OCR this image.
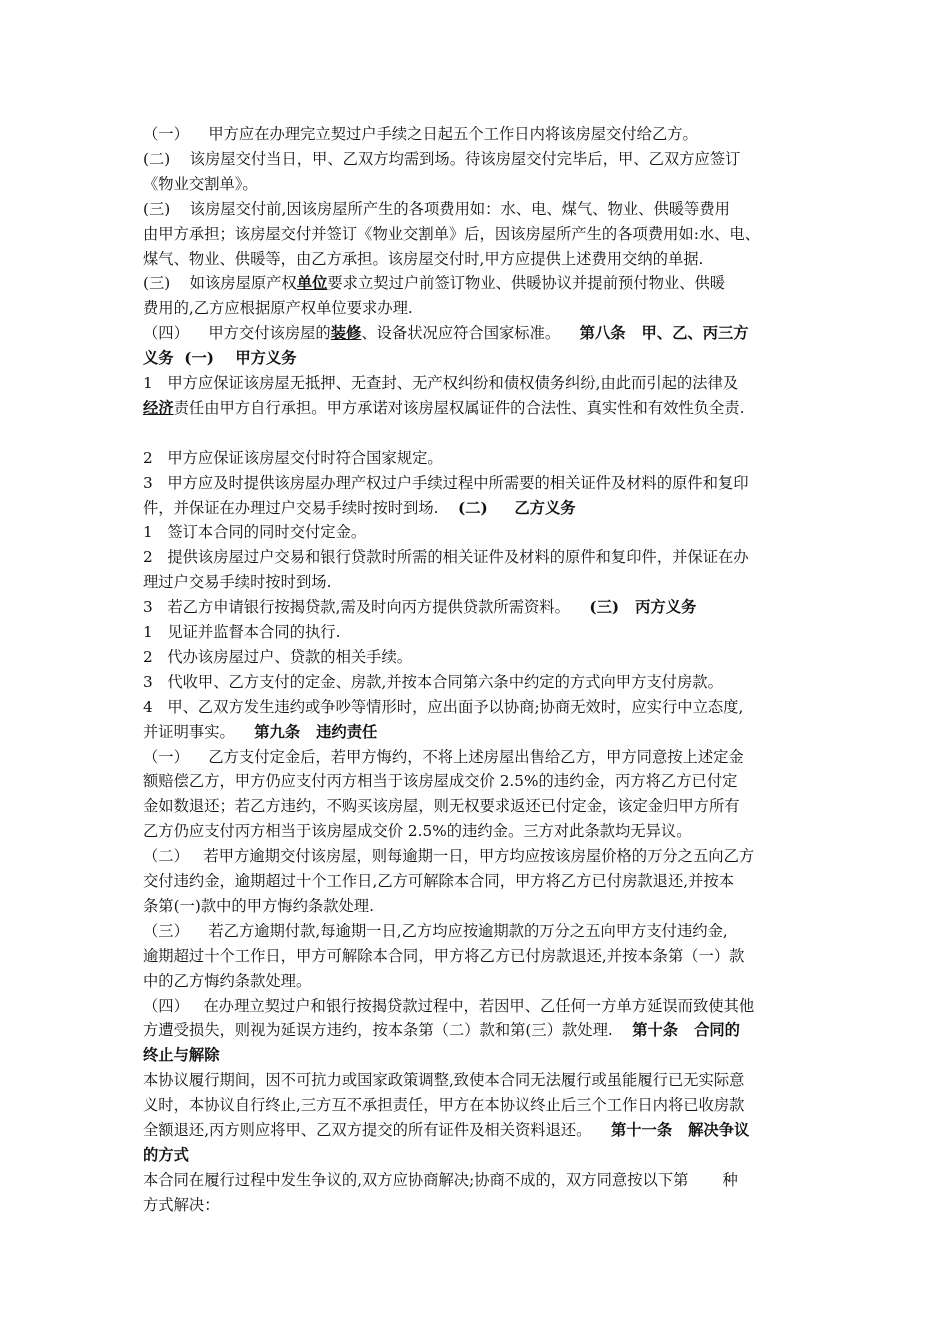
（一）    甲方应在办理完立契过户手续之日起五个工作日内将该房屋交付给乙方。
(二)    该房屋交付当日，甲、乙双方均需到场。待该房屋交付完毕后，甲、乙双方应签订
《物业交割单》。
(三)    该房屋交付前,因该房屋所产生的各项费用如：水、电、煤气、物业、供暖等费用
由甲方承担；该房屋交付并签订《物业交割单》后，因该房屋所产生的各项费用如:水、电、
煤气、物业、供暖等，由乙方承担。该房屋交付时,甲方应提供上述费用交纳的单据.
(三)    如该房屋原产权单位要求立契过户前签订物业、供暖协议并提前预付物业、供暖
费用的,乙方应根据原产权单位要求办理.
（四）    甲方交付该房屋的装修、设备状况应符合国家标准。    第八条   甲、乙、丙三方
义务  (一)    甲方义务
1   甲方应保证该房屋无抵押、无查封、无产权纠纷和债权债务纠纷,由此而引起的法律及
经济责任由甲方自行承担。甲方承诺对该房屋权属证件的合法性、真实性和有效性负全责.
2   甲方应保证该房屋交付时符合国家规定。
3   甲方应及时提供该房屋办理产权过户手续过程中所需要的相关证件及材料的原件和复印
件，并保证在办理过户交易手续时按时到场.    (二)     乙方义务
1   签订本合同的同时交付定金。
2   提供该房屋过户交易和银行贷款时所需的相关证件及材料的原件和复印件，并保证在办
理过户交易手续时按时到场.
3   若乙方申请银行按揭贷款,需及时向丙方提供贷款所需资料。    (三)   丙方义务
1   见证并监督本合同的执行.
2   代办该房屋过户、贷款的相关手续。
3   代收甲、乙方支付的定金、房款,并按本合同第六条中约定的方式向甲方支付房款。
4   甲、乙双方发生违约或争吵等情形时，应出面予以协商;协商无效时，应实行中立态度,
并证明事实。    第九条   违约责任
（一）    乙方支付定金后，若甲方悔约，不将上述房屋出售给乙方，甲方同意按上述定金
额赔偿乙方，甲方仍应支付丙方相当于该房屋成交价 2.5%的违约金，丙方将乙方已付定
金如数退还；若乙方违约，不购买该房屋，则无权要求返还已付定金，该定金归甲方所有
乙方仍应支付丙方相当于该房屋成交价 2.5%的违约金。三方对此条款均无异议。
（二）   若甲方逾期交付该房屋，则每逾期一日，甲方均应按该房屋价格的万分之五向乙方
交付违约金，逾期超过十个工作日,乙方可解除本合同，甲方将乙方已付房款退还,并按本
条第(一)款中的甲方悔约条款处理.
（三）    若乙方逾期付款,每逾期一日,乙方均应按逾期款的万分之五向甲方支付违约金,
逾期超过十个工作日，甲方可解除本合同，甲方将乙方已付房款退还,并按本条第（一）款
中的乙方悔约条款处理。
（四）   在办理立契过户和银行按揭贷款过程中，若因甲、乙任何一方单方延误而致使其他
方遭受损失，则视为延误方违约，按本条第（二）款和第(三）款处理.    第十条   合同的
终止与解除
本协议履行期间，因不可抗力或国家政策调整,致使本合同无法履行或虽能履行已无实际意
义时，本协议自行终止,三方互不承担责任，甲方在本协议终止后三个工作日内将已收房款
全额退还,丙方则应将甲、乙双方提交的所有证件及相关资料退还。    第十一条   解决争议
的方式
本合同在履行过程中发生争议的,双方应协商解决;协商不成的，双方同意按以下第       种
方式解决：
